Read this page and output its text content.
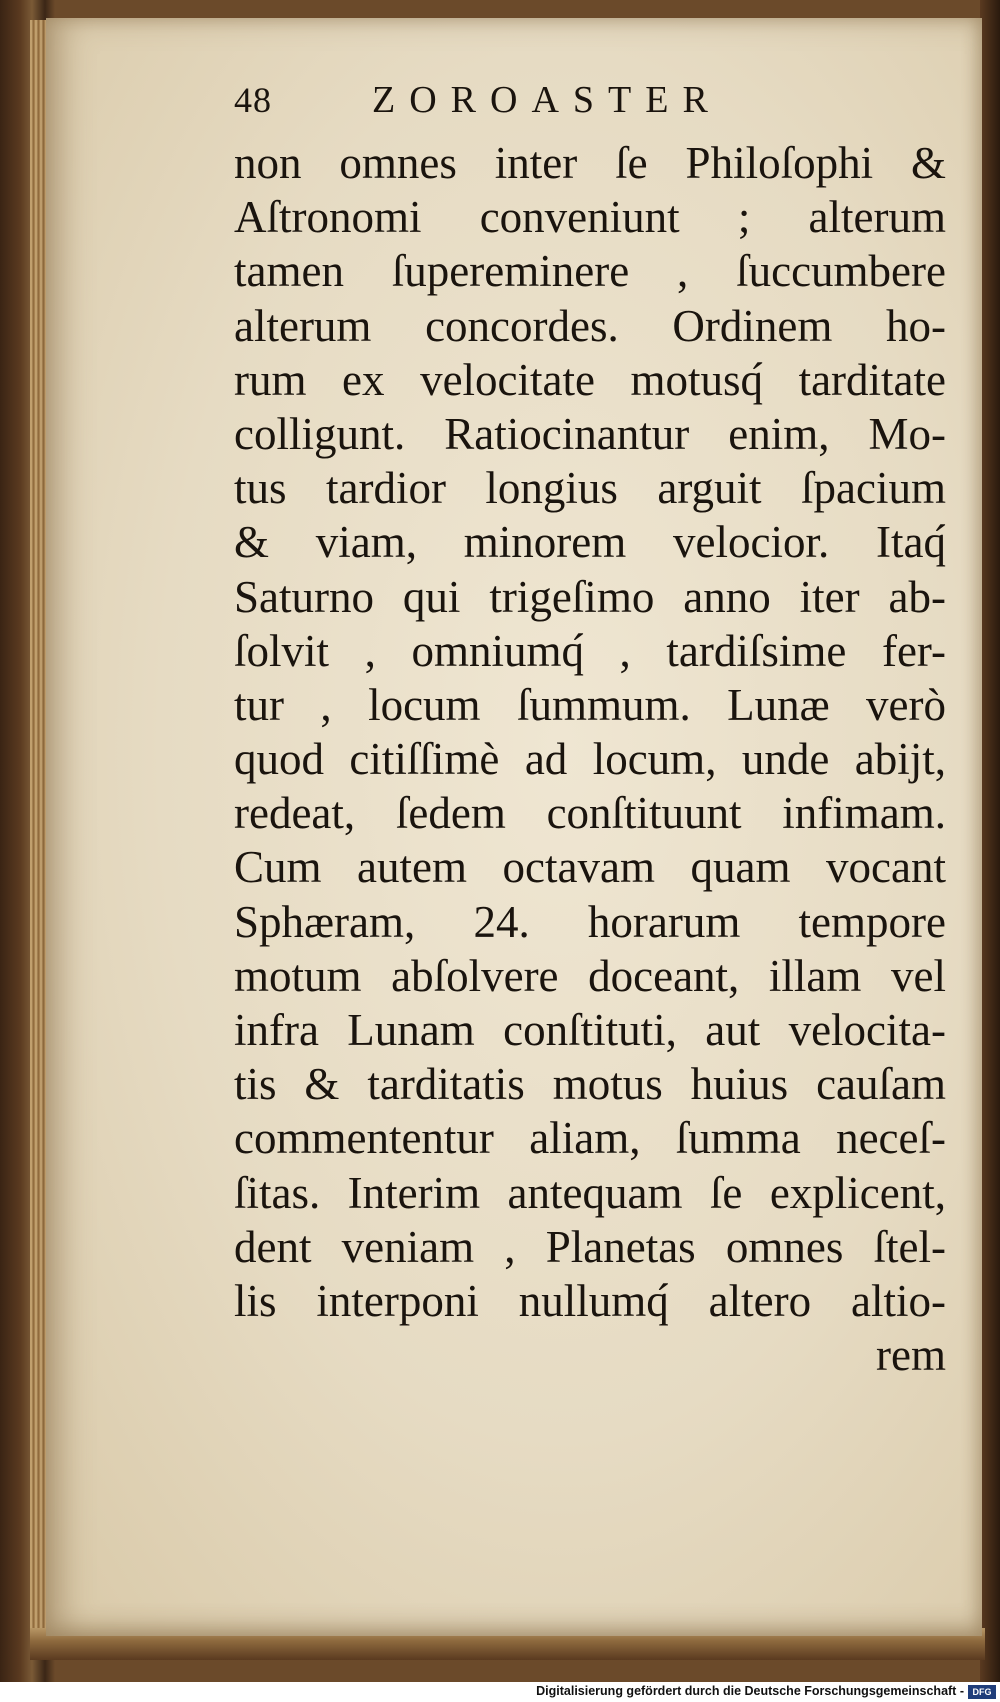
48	ZOROASTER
non omnes inter ſe Philoſophi &
Aſtronomi conveniunt ; alterum
tamen ſupereminere , ſuccumbere
alterum concordes. Ordinem ho-
rum ex velocitate motusq́ tarditate
colligunt. Ratiocinantur enim, Mo-
tus tardior longius arguit ſpacium
& viam, minorem velocior. Itaq́
Saturno qui trigeſimo anno iter ab-
ſolvit , omniumq́ , tardiſsime fer-
tur , locum ſummum. Lunæ verò
quod citiſſimè ad locum, unde abijt,
redeat, ſedem conſtituunt infimam.
Cum autem octavam quam vocant
Sphæram, 24. horarum tempore
motum abſolvere doceant, illam vel
infra Lunam conſtituti, aut velocita-
tis & tarditatis motus huius cauſam
commententur aliam, ſumma neceſ-
ſitas. Interim antequam ſe explicent,
dent veniam , Planetas omnes ſtel-
lis interponi nullumq́ altero altio-
rem
Digitalisierung gefördert durch die Deutsche Forschungsgemeinschaft - DFG
